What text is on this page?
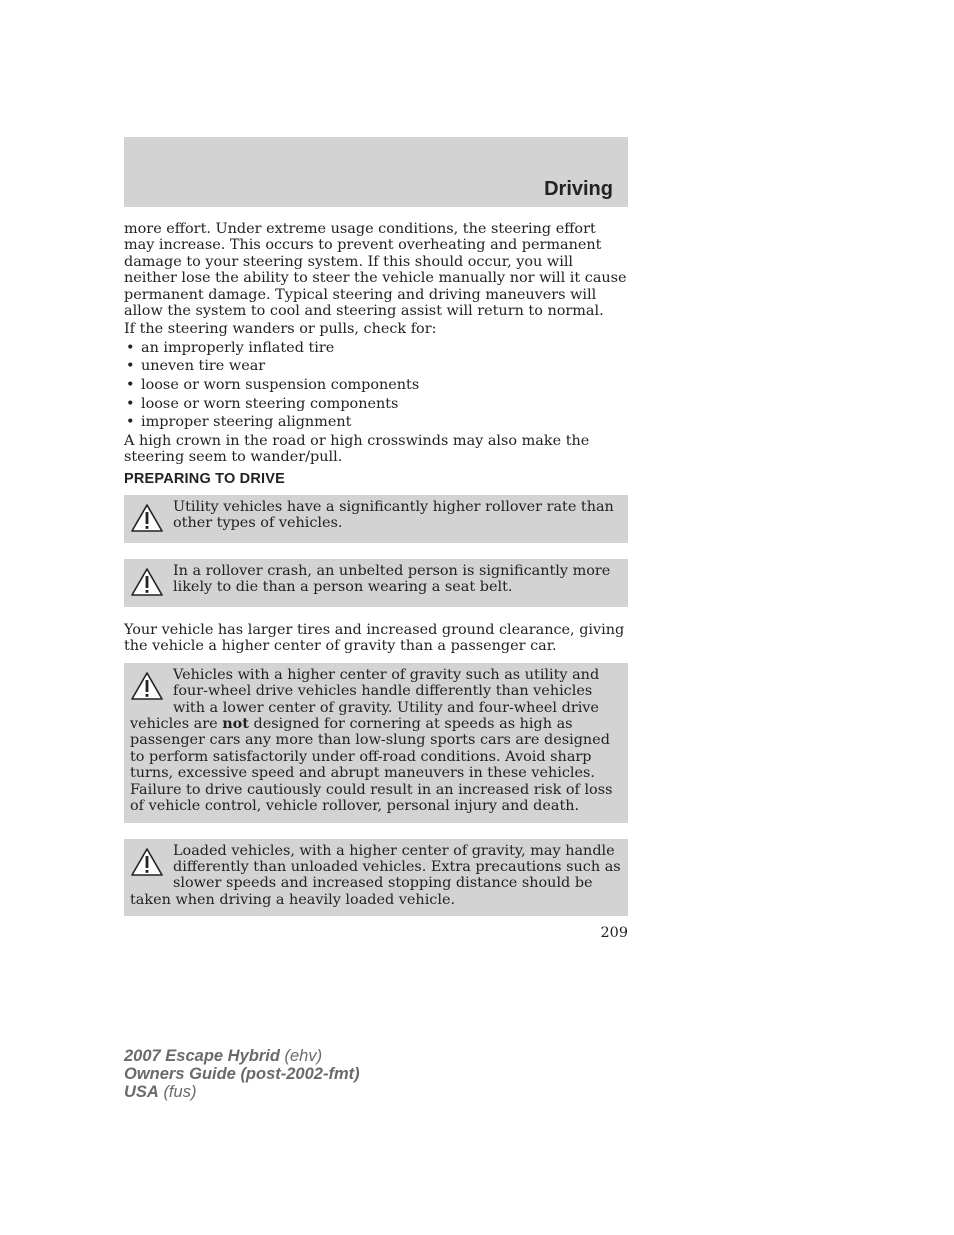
Driving

more effort. Under extreme usage conditions, the steering effort may increase. This occurs to prevent overheating and permanent damage to your steering system. If this should occur, you will neither lose the ability to steer the vehicle manually nor will it cause permanent damage. Typical steering and driving maneuvers will allow the system to cool and steering assist will return to normal.

If the steering wanders or pulls, check for:

• an improperly inflated tire
• uneven tire wear
• loose or worn suspension components
• loose or worn steering components
• improper steering alignment

A high crown in the road or high crosswinds may also make the steering seem to wander/pull.

PREPARING TO DRIVE
Utility vehicles have a significantly higher rollover rate than other types of vehicles.
In a rollover crash, an unbelted person is significantly more likely to die than a person wearing a seat belt.

Your vehicle has larger tires and increased ground clearance, giving the vehicle a higher center of gravity than a passenger car.

Vehicles with a higher center of gravity such as utility and four-wheel drive vehicles handle differently than vehicles with a lower center of gravity. Utility and four-wheel drive vehicles are not designed for cornering at speeds as high as passenger cars any more than low-slung sports cars are designed to perform satisfactorily under off-road conditions. Avoid sharp turns, excessive speed and abrupt maneuvers in these vehicles. Failure to drive cautiously could result in an increased risk of loss of vehicle control, vehicle rollover, personal injury and death.
Loaded vehicles, with a higher center of gravity, may handle differently than unloaded vehicles. Extra precautions such as slower speeds and increased stopping distance should be taken when driving a heavily loaded vehicle.
209
2007 Escape Hybrid (ehv)
Owners Guide (post-2002-fmt)
USA (fus)
